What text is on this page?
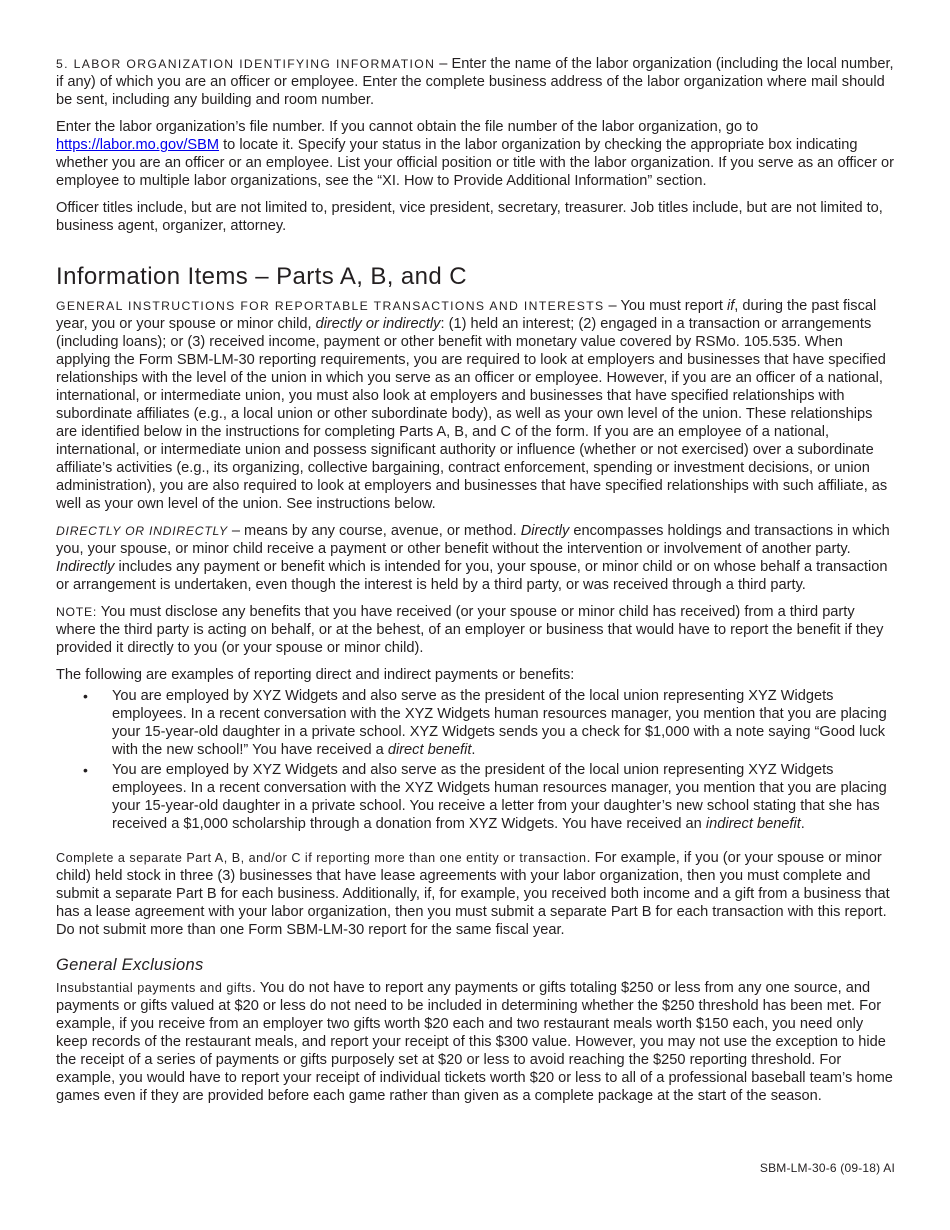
5. LABOR ORGANIZATION IDENTIFYING INFORMATION – Enter the name of the labor organization (including the local number, if any) of which you are an officer or employee. Enter the complete business address of the labor organization where mail should be sent, including any building and room number.

Enter the labor organization’s file number. If you cannot obtain the file number of the labor organization, go to https://labor.mo.gov/SBM to locate it. Specify your status in the labor organization by checking the appropriate box indicating whether you are an officer or an employee. List your official position or title with the labor organization. If you serve as an officer or employee to multiple labor organizations, see the “XI. How to Provide Additional Information” section.

Officer titles include, but are not limited to, president, vice president, secretary, treasurer. Job titles include, but are not limited to, business agent, organizer, attorney.

Information Items – Parts A, B, and C

GENERAL INSTRUCTIONS FOR REPORTABLE TRANSACTIONS AND INTERESTS – You must report if, during the past fiscal year, you or your spouse or minor child, directly or indirectly: (1) held an interest; (2) engaged in a transaction or arrangements (including loans); or (3) received income, payment or other benefit with monetary value covered by RSMo. 105.535. When applying the Form SBM-LM-30 reporting requirements, you are required to look at employers and businesses that have specified relationships with the level of the union in which you serve as an officer or employee. However, if you are an officer of a national, international, or intermediate union, you must also look at employers and businesses that have specified relationships with subordinate affiliates (e.g., a local union or other subordinate body), as well as your own level of the union. These relationships are identified below in the instructions for completing Parts A, B, and C of the form. If you are an employee of a national, international, or intermediate union and possess significant authority or influence (whether or not exercised) over a subordinate affiliate’s activities (e.g., its organizing, collective bargaining, contract enforcement, spending or investment decisions, or union administration), you are also required to look at employers and businesses that have specified relationships with such affiliate, as well as your own level of the union. See instructions below.

DIRECTLY OR INDIRECTLY – means by any course, avenue, or method. Directly encompasses holdings and transactions in which you, your spouse, or minor child receive a payment or other benefit without the intervention or involvement of another party. Indirectly includes any payment or benefit which is intended for you, your spouse, or minor child or on whose behalf a transaction or arrangement is undertaken, even though the interest is held by a third party, or was received through a third party.

NOTE: You must disclose any benefits that you have received (or your spouse or minor child has received) from a third party where the third party is acting on behalf, or at the behest, of an employer or business that would have to report the benefit if they provided it directly to you (or your spouse or minor child).

The following are examples of reporting direct and indirect payments or benefits:

• You are employed by XYZ Widgets and also serve as the president of the local union representing XYZ Widgets employees. In a recent conversation with the XYZ Widgets human resources manager, you mention that you are placing your 15-year-old daughter in a private school. XYZ Widgets sends you a check for $1,000 with a note saying “Good luck with the new school!” You have received a direct benefit.
• You are employed by XYZ Widgets and also serve as the president of the local union representing XYZ Widgets employees. In a recent conversation with the XYZ Widgets human resources manager, you mention that you are placing your 15-year-old daughter in a private school. You receive a letter from your daughter’s new school stating that she has received a $1,000 scholarship through a donation from XYZ Widgets. You have received an indirect benefit.

Complete a separate Part A, B, and/or C if reporting more than one entity or transaction. For example, if you (or your spouse or minor child) held stock in three (3) businesses that have lease agreements with your labor organization, then you must complete and submit a separate Part B for each business. Additionally, if, for example, you received both income and a gift from a business that has a lease agreement with your labor organization, then you must submit a separate Part B for each transaction with this report. Do not submit more than one Form SBM-LM-30 report for the same fiscal year.

General Exclusions

Insubstantial payments and gifts. You do not have to report any payments or gifts totaling $250 or less from any one source, and payments or gifts valued at $20 or less do not need to be included in determining whether the $250 threshold has been met. For example, if you receive from an employer two gifts worth $20 each and two restaurant meals worth $150 each, you need only keep records of the restaurant meals, and report your receipt of this $300 value. However, you may not use the exception to hide the receipt of a series of payments or gifts purposely set at $20 or less to avoid reaching the $250 reporting threshold. For example, you would have to report your receipt of individual tickets worth $20 or less to all of a professional baseball team’s home games even if they are provided before each game rather than given as a complete package at the start of the season.

SBM-LM-30-6 (09-18) AI
